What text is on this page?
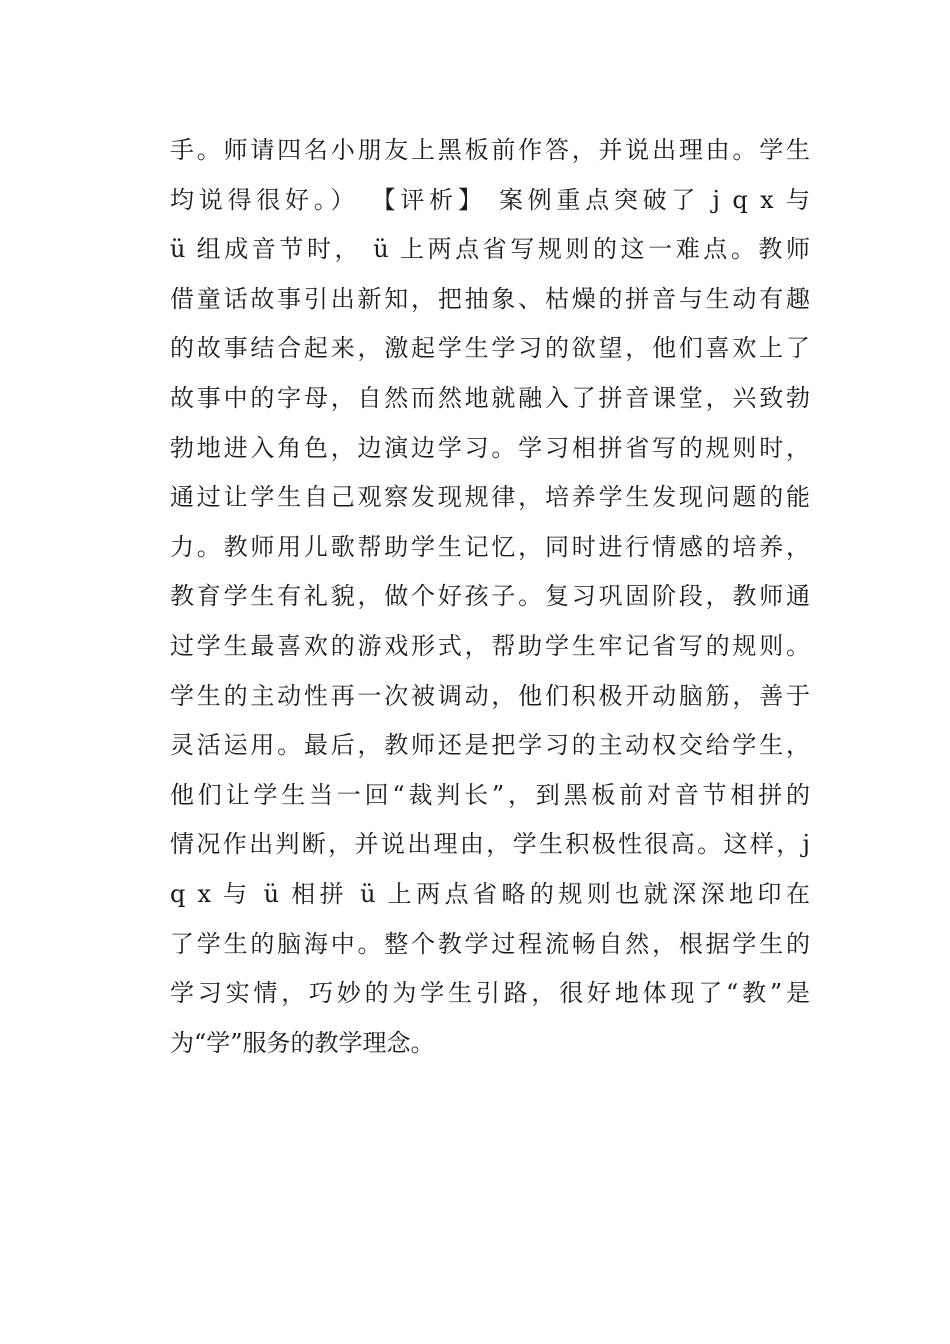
手。师请四名小朋友上黑板前作答，并说出理由。学生
均说得很好。） 【评析】 案例重点突破了 j q x 与
ü 组成音节时， ü 上两点省写规则的这一难点。教师
借童话故事引出新知，把抽象、枯燥的拼音与生动有趣
的故事结合起来，激起学生学习的欲望，他们喜欢上了
故事中的字母，自然而然地就融入了拼音课堂，兴致勃
勃地进入角色，边演边学习。学习相拼省写的规则时，
通过让学生自己观察发现规律，培养学生发现问题的能
力。教师用儿歌帮助学生记忆，同时进行情感的培养，
教育学生有礼貌，做个好孩子。复习巩固阶段，教师通
过学生最喜欢的游戏形式，帮助学生牢记省写的规则。
学生的主动性再一次被调动，他们积极开动脑筋，善于
灵活运用。最后，教师还是把学习的主动权交给学生，
他们让学生当一回“裁判长”，到黑板前对音节相拼的
情况作出判断，并说出理由，学生积极性很高。这样，j
q x 与 ü 相拼 ü 上两点省略的规则也就深深地印在
了学生的脑海中。整个教学过程流畅自然，根据学生的
学习实情，巧妙的为学生引路，很好地体现了“教”是
为“学”服务的教学理念。
